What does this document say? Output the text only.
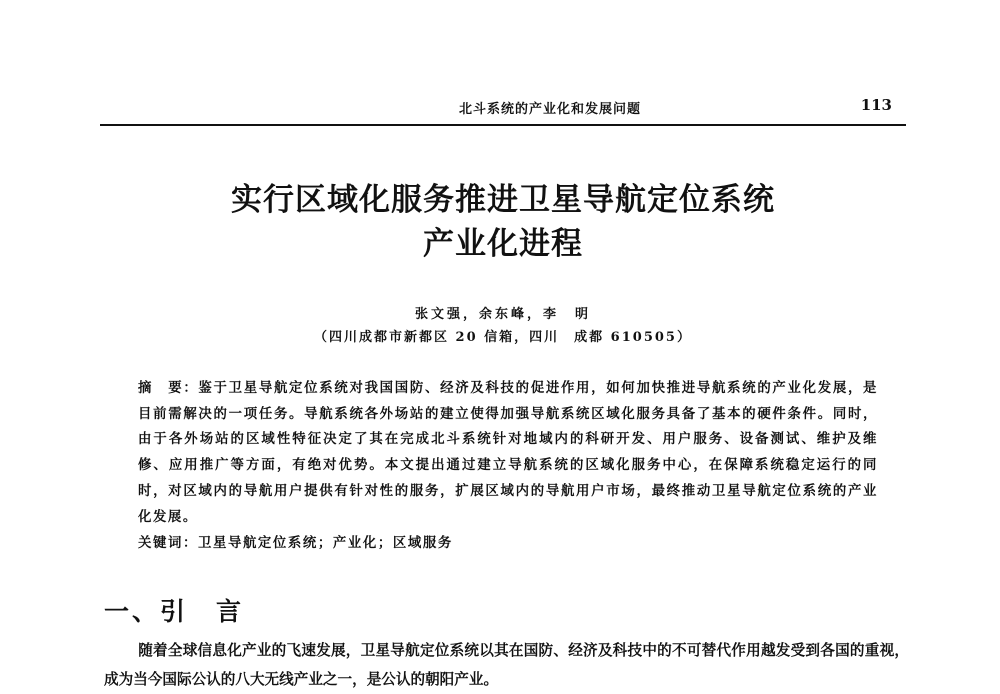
北斗系统的产业化和发展问题	113
实行区域化服务推进卫星导航定位系统
产业化进程
张文强，余东峰，李　明
（四川成都市新都区 20 信箱，四川　成都 610505）
摘　要：鉴于卫星导航定位系统对我国国防、经济及科技的促进作用，如何加快推进导航系统的产业化发展，是目前需解决的一项任务。导航系统各外场站的建立使得加强导航系统区域化服务具备了基本的硬件条件。同时，由于各外场站的区域性特征决定了其在完成北斗系统针对地域内的科研开发、用户服务、设备测试、维护及维修、应用推广等方面，有绝对优势。本文提出通过建立导航系统的区域化服务中心，在保障系统稳定运行的同时，对区域内的导航用户提供有针对性的服务，扩展区域内的导航用户市场，最终推动卫星导航定位系统的产业化发展。
关键词：卫星导航定位系统；产业化；区域服务
一、引　言

随着全球信息化产业的飞速发展，卫星导航定位系统以其在国防、经济及科技中的不可替代作用越发受到各国的重视，成为当今国际公认的八大无线产业之一，是公认的朝阳产业。
